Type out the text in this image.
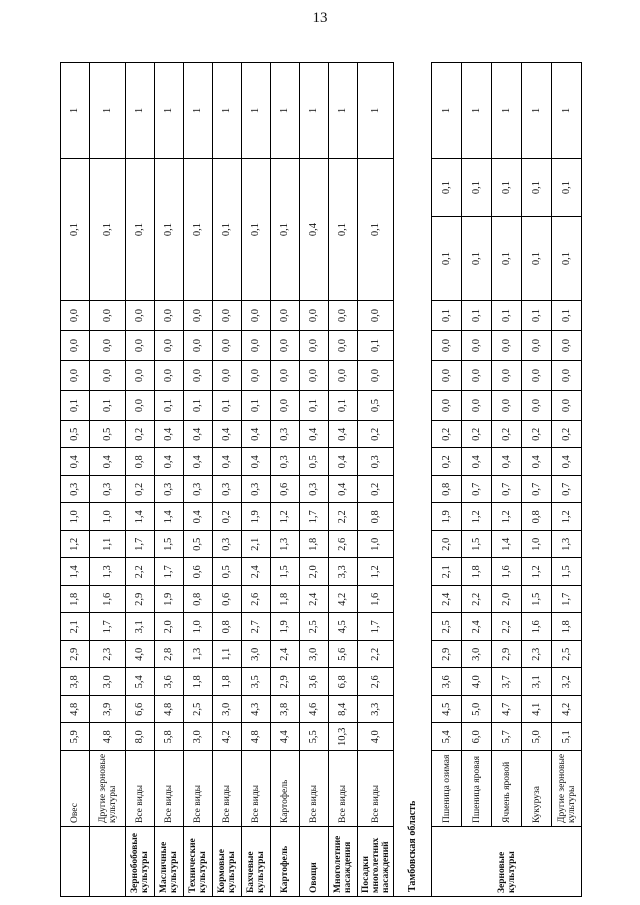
13
	Овес	5,9	4,8	3,8	2,9	2,1	1,8	1,4	1,2	1,0	0,3	0,4	0,5	0,1	0,0	0,0	0,0	0,1		1
	Другие зерновые культуры	4,8	3,9	3,0	2,3	1,7	1,6	1,3	1,1	1,0	0,3	0,4	0,5	0,1	0,0	0,0	0,0	0,1		1
Зернобобовые культуры	Все виды	8,0	6,6	5,4	4,0	3,1	2,9	2,2	1,7	1,4	0,2	0,8	0,2	0,0	0,0	0,0	0,0	0,1		1
Масличные культуры	Все виды	5,8	4,8	3,6	2,8	2,0	1,9	1,7	1,5	1,4	0,3	0,4	0,4	0,1	0,0	0,0	0,0	0,1		1
Технические культуры	Все виды	3,0	2,5	1,8	1,3	1,0	0,8	0,6	0,5	0,4	0,3	0,4	0,4	0,1	0,0	0,0	0,0	0,1		1
Кормовые культуры	Все виды	4,2	3,0	1,8	1,1	0,8	0,6	0,5	0,3	0,2	0,3	0,4	0,4	0,1	0,0	0,0	0,0	0,1		1
Бахчевые культуры	Все виды	4,8	4,3	3,5	3,0	2,7	2,6	2,4	2,1	1,9	0,3	0,4	0,4	0,1	0,0	0,0	0,0	0,1		1
Картофель	Картофель	4,4	3,8	2,9	2,4	1,9	1,8	1,5	1,3	1,2	0,6	0,3	0,3	0,0	0,0	0,0	0,0	0,1		1
Овощи	Все виды	5,5	4,6	3,6	3,0	2,5	2,4	2,0	1,8	1,7	0,3	0,5	0,4	0,1	0,0	0,0	0,0	0,4		1
Многолетние насаждения	Все виды	10,3	8,4	6,8	5,6	4,5	4,2	3,3	2,6	2,2	0,4	0,4	0,4	0,1	0,0	0,0	0,0	0,1		1
Посадки многолетних насаждений	Все виды	4,0	3,3	2,6	2,2	1,7	1,6	1,2	1,0	0,8	0,2	0,3	0,2	0,5	0,0	0,1	0,0	0,1		1
Тамбовская область																				
Зерновые культуры	Пшеница озимая	5,4	4,5	3,6	2,9	2,5	2,4	2,1	2,0	1,9	0,8	0,2	0,2	0,0	0,0	0,0	0,1	0,1	0,1	1
	Пшеница яровая	6,0	5,0	4,0	3,0	2,4	2,2	1,8	1,5	1,2	0,7	0,4	0,2	0,0	0,0	0,0	0,1	0,1	0,1	1
	Ячмень яровой	5,7	4,7	3,7	2,9	2,2	2,0	1,6	1,4	1,2	0,7	0,4	0,2	0,0	0,0	0,0	0,1	0,1	0,1	1
	Кукуруза	5,0	4,1	3,1	2,3	1,6	1,5	1,2	1,0	0,8	0,7	0,4	0,2	0,0	0,0	0,0	0,1	0,1	0,1	1
	Другие зерновые культуры	5,1	4,2	3,2	2,5	1,8	1,7	1,5	1,3	1,2	0,7	0,4	0,2	0,0	0,0	0,0	0,1	0,1	0,1	1
